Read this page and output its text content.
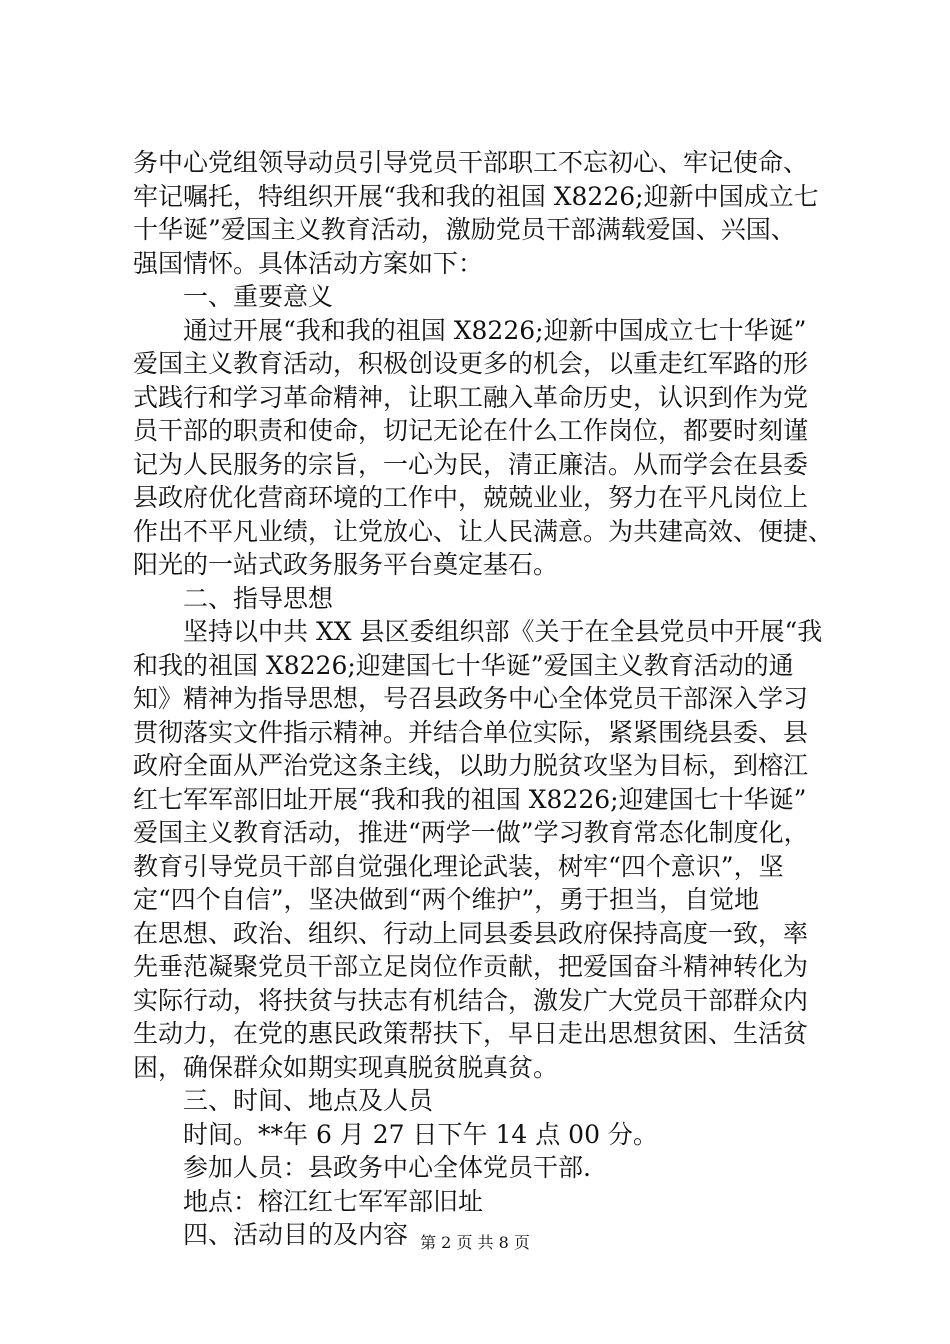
务中心党组领导动员引导党员干部职工不忘初心、牢记使命、
牢记嘱托，特组织开展“我和我的祖国 X8226;迎新中国成立七
十华诞”爱国主义教育活动，激励党员干部满载爱国、兴国、
强国情怀。具体活动方案如下：
一、重要意义
通过开展“我和我的祖国 X8226;迎新中国成立七十华诞”
爱国主义教育活动，积极创设更多的机会，以重走红军路的形
式践行和学习革命精神，让职工融入革命历史，认识到作为党
员干部的职责和使命，切记无论在什么工作岗位，都要时刻谨
记为人民服务的宗旨，一心为民，清正廉洁。从而学会在县委
县政府优化营商环境的工作中，兢兢业业，努力在平凡岗位上
作出不平凡业绩，让党放心、让人民满意。为共建高效、便捷、
阳光的一站式政务服务平台奠定基石。
二、指导思想
坚持以中共 XX 县区委组织部《关于在全县党员中开展“我
和我的祖国 X8226;迎建国七十华诞”爱国主义教育活动的通
知》精神为指导思想，号召县政务中心全体党员干部深入学习
贯彻落实文件指示精神。并结合单位实际，紧紧围绕县委、县
政府全面从严治党这条主线，以助力脱贫攻坚为目标，到榕江
红七军军部旧址开展“我和我的祖国 X8226;迎建国七十华诞”
爱国主义教育活动，推进“两学一做”学习教育常态化制度化，
教育引导党员干部自觉强化理论武装，树牢“四个意识”，坚
定“四个自信”，坚决做到“两个维护”，勇于担当，自觉地
在思想、政治、组织、行动上同县委县政府保持高度一致，率
先垂范凝聚党员干部立足岗位作贡献，把爱国奋斗精神转化为
实际行动，将扶贫与扶志有机结合，激发广大党员干部群众内
生动力，在党的惠民政策帮扶下，早日走出思想贫困、生活贫
困，确保群众如期实现真脱贫脱真贫。
三、时间、地点及人员
时间。**年 6 月 27 日下午 14 点 00 分。
参加人员：县政务中心全体党员干部.
地点：榕江红七军军部旧址
四、活动目的及内容 第 2 页 共 8 页
